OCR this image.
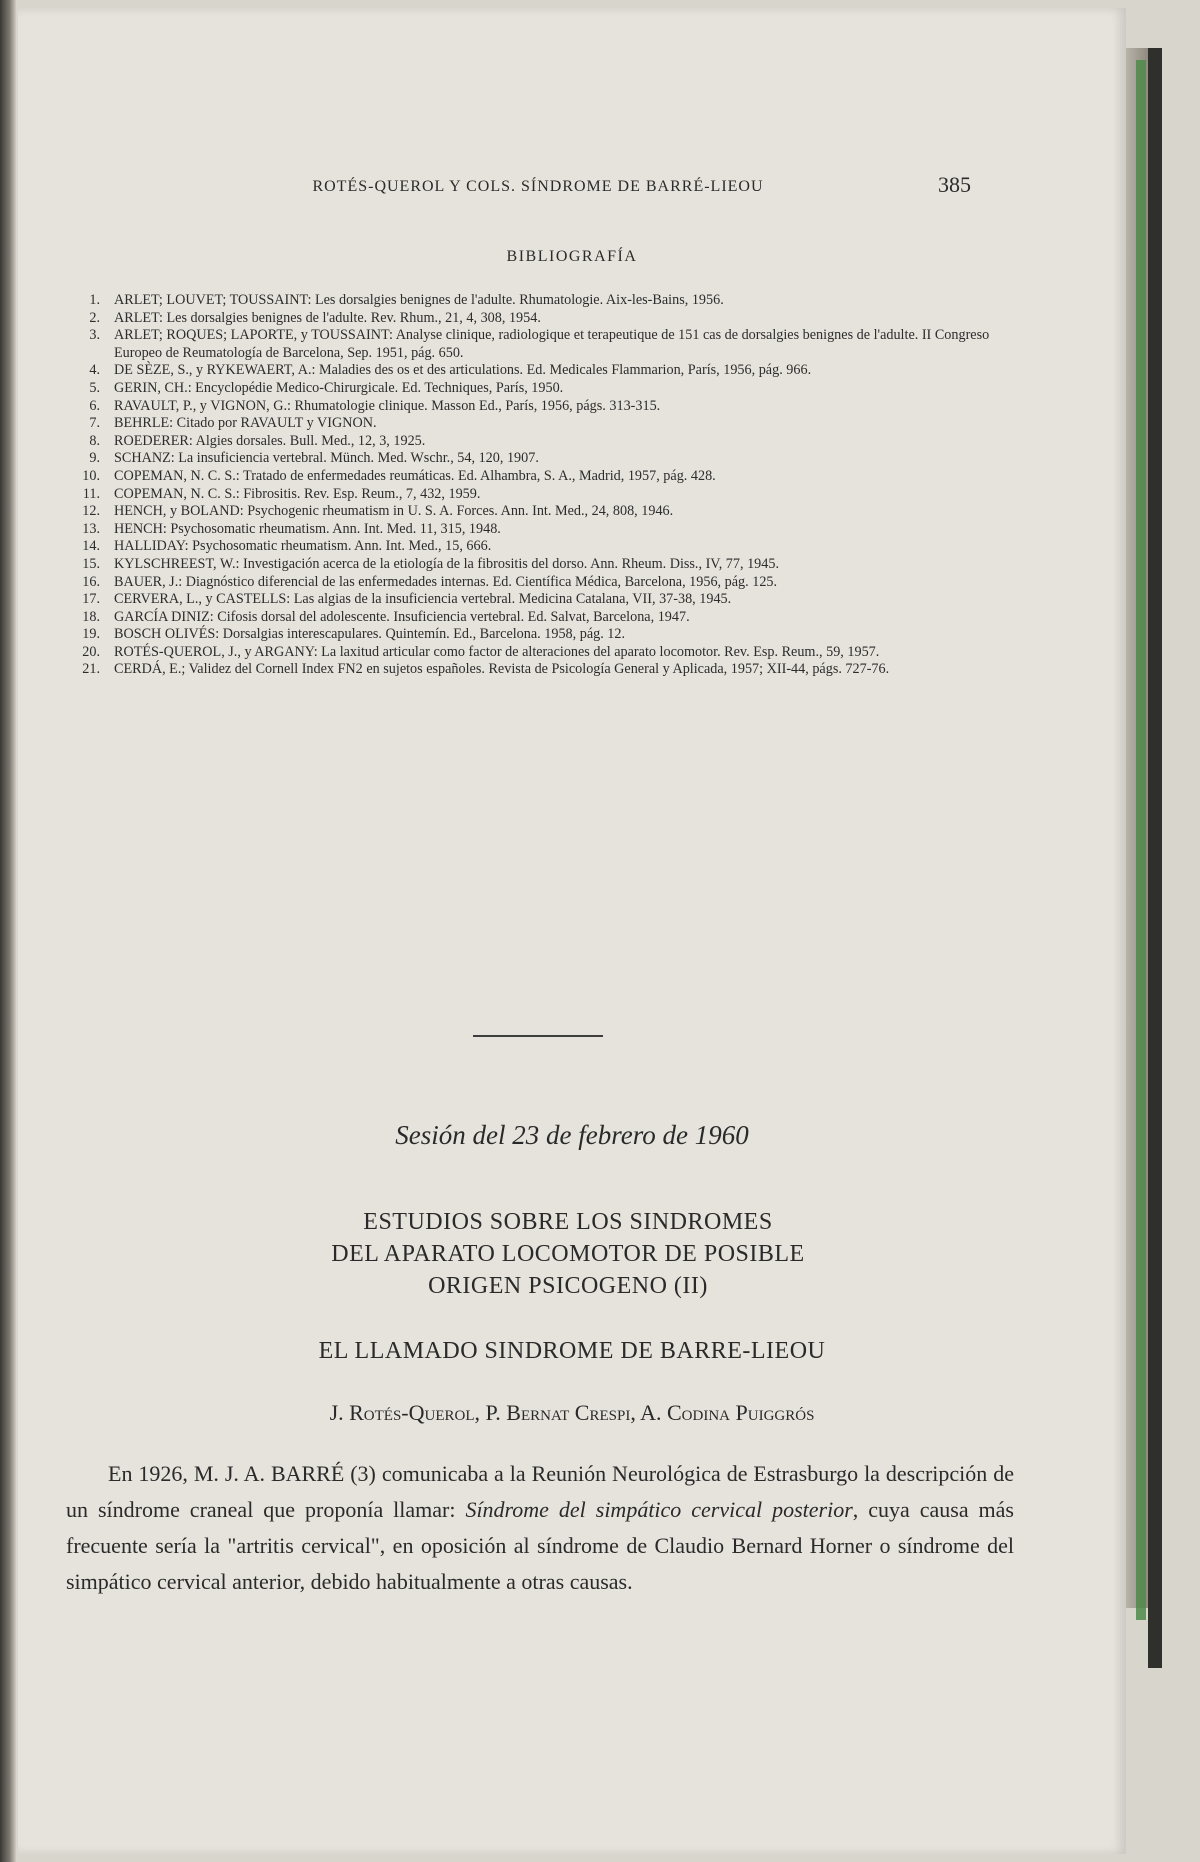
ROTÉS-QUEROL Y COLS. SÍNDROME DE BARRÉ-LIEOU	385
BIBLIOGRAFÍA
1. ARLET; LOUVET; TOUSSAINT: Les dorsalgies benignes de l'adulte. Rhumatologie. Aix-les-Bains, 1956.
2. ARLET: Les dorsalgies benignes de l'adulte. Rev. Rhum., 21, 4, 308, 1954.
3. ARLET; ROQUES; LAPORTE, y TOUSSAINT: Analyse clinique, radiologique et terapeutique de 151 cas de dorsalgies benignes de l'adulte. II Congreso Europeo de Reumatología de Barcelona, Sep. 1951, pág. 650.
4. DE SÈZE, S., y RYKEWAERT, A.: Maladies des os et des articulations. Ed. Medicales Flammarion, París, 1956, pág. 966.
5. GERIN, CH.: Encyclopédie Medico-Chirurgicale. Ed. Techniques, París, 1950.
6. RAVAULT, P., y VIGNON, G.: Rhumatologie clinique. Masson Ed., París, 1956, págs. 313-315.
7. BEHRLE: Citado por RAVAULT y VIGNON.
8. ROEDERER: Algies dorsales. Bull. Med., 12, 3, 1925.
9. SCHANZ: La insuficiencia vertebral. Münch. Med. Wschr., 54, 120, 1907.
10. COPEMAN, N. C. S.: Tratado de enfermedades reumáticas. Ed. Alhambra, S. A., Madrid, 1957, pág. 428.
11. COPEMAN, N. C. S.: Fibrositis. Rev. Esp. Reum., 7, 432, 1959.
12. HENCH, y BOLAND: Psychogenic rheumatism in U. S. A. Forces. Ann. Int. Med., 24, 808, 1946.
13. HENCH: Psychosomatic rheumatism. Ann. Int. Med. 11, 315, 1948.
14. HALLIDAY: Psychosomatic rheumatism. Ann. Int. Med., 15, 666.
15. KYLSCHREEST, W.: Investigación acerca de la etiología de la fibrositis del dorso. Ann. Rheum. Diss., IV, 77, 1945.
16. BAUER, J.: Diagnóstico diferencial de las enfermedades internas. Ed. Científica Médica, Barcelona, 1956, pág. 125.
17. CERVERA, L., y CASTELLS: Las algias de la insuficiencia vertebral. Medicina Catalana, VII, 37-38, 1945.
18. GARCÍA DINIZ: Cifosis dorsal del adolescente. Insuficiencia vertebral. Ed. Salvat, Barcelona, 1947.
19. BOSCH OLIVÉS: Dorsalgias interescapulares. Quintemín. Ed., Barcelona. 1958, pág. 12.
20. ROTÉS-QUEROL, J., y ARGANY: La laxitud articular como factor de alteraciones del aparato locomotor. Rev. Esp. Reum., 59, 1957.
21. CERDÁ, E.; Validez del Cornell Index FN2 en sujetos españoles. Revista de Psicología General y Aplicada, 1957; XII-44, págs. 727-76.
Sesión del 23 de febrero de 1960
ESTUDIOS SOBRE LOS SINDROMES
DEL APARATO LOCOMOTOR DE POSIBLE
ORIGEN PSICOGENO (II)
EL LLAMADO SINDROME DE BARRE-LIEOU
J. Rotés-Querol, P. Bernat Crespi, A. Codina Puiggrós

En 1926, M. J. A. BARRÉ (3) comunicaba a la Reunión Neurológica de Estrasburgo la descripción de un síndrome craneal que proponía llamar: Síndrome del simpático cervical posterior, cuya causa más frecuente sería la "artritis cervical", en oposición al síndrome de Claudio Bernard Horner o síndrome del simpático cervical anterior, debido habitualmente a otras causas.
